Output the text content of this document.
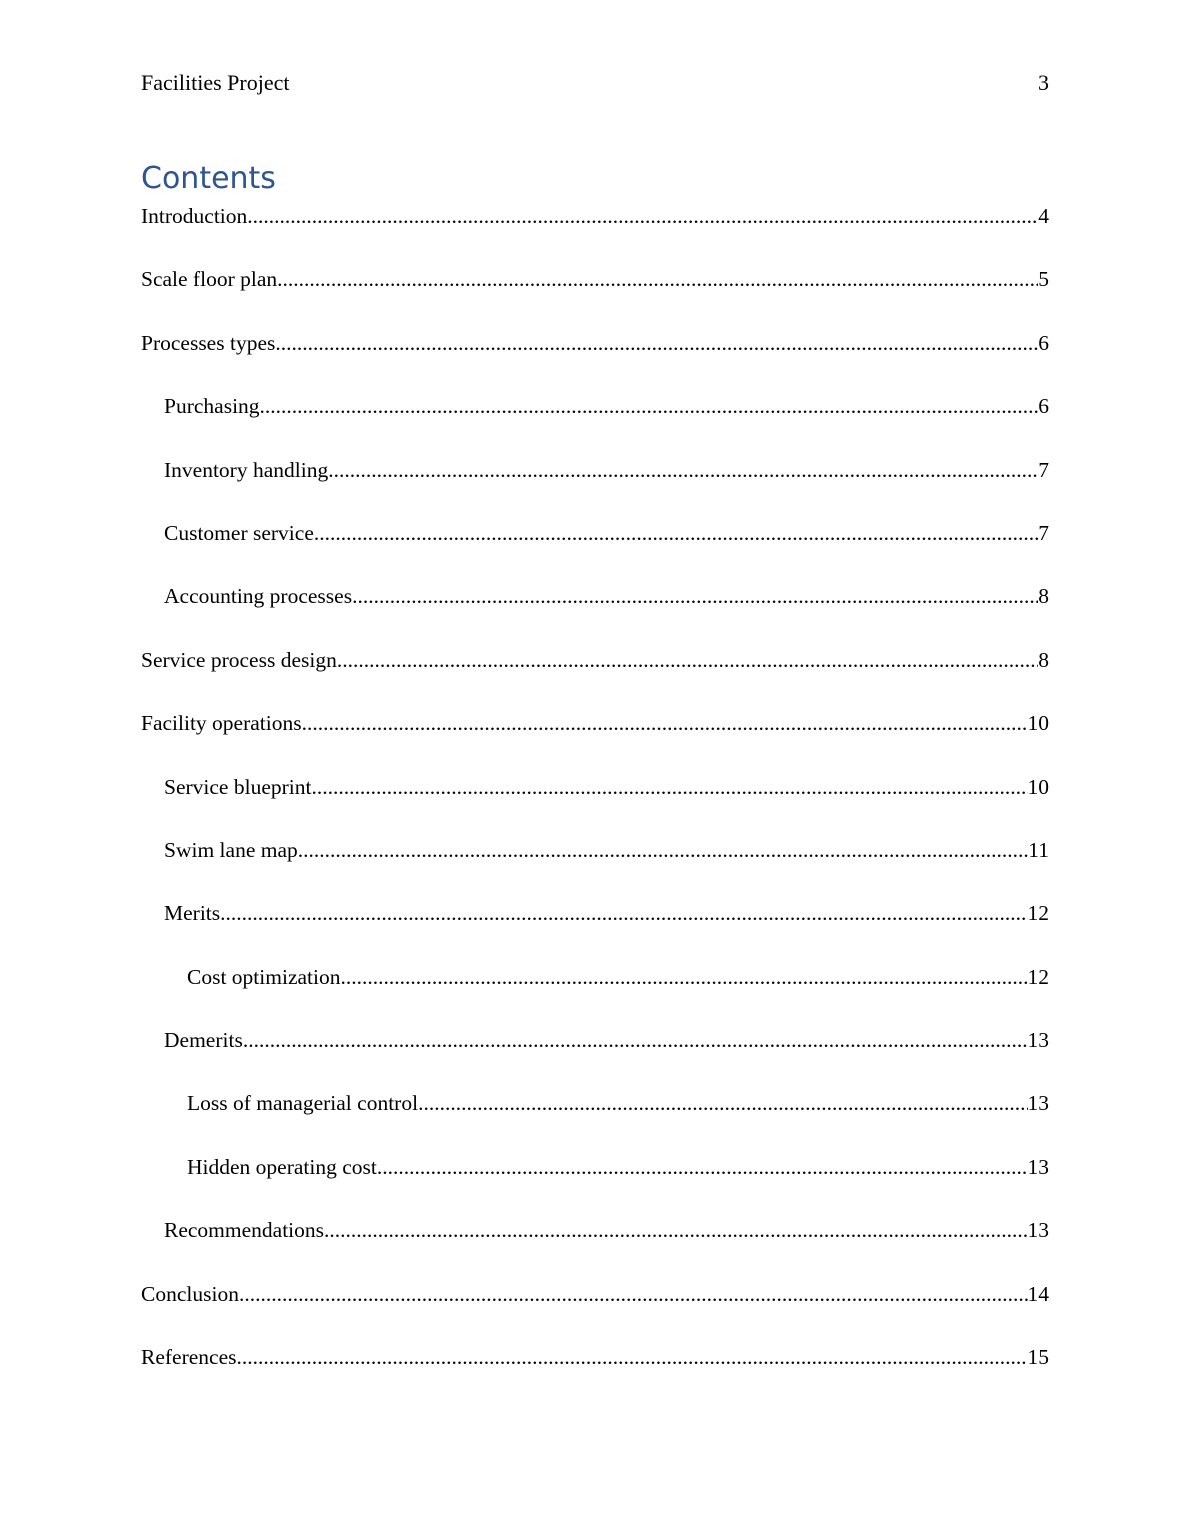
Facilities Project	3
Contents
Introduction .....	4
Scale floor plan .....	5
Processes types .....	6
Purchasing .....	6
Inventory handling .....	7
Customer service .....	7
Accounting processes .....	8
Service process design .....	8
Facility operations .....	10
Service blueprint .....	10
Swim lane map .....	11
Merits .....	12
Cost optimization .....	12
Demerits .....	13
Loss of managerial control .....	13
Hidden operating cost .....	13
Recommendations .....	13
Conclusion .....	14
References .....	15
